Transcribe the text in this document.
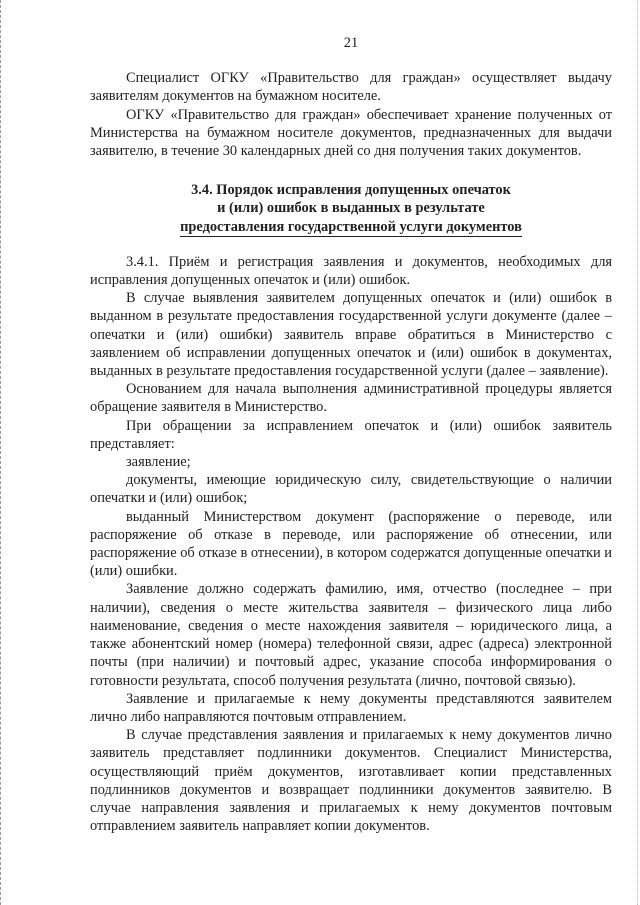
21

Специалист ОГКУ «Правительство для граждан» осуществляет выдачу заявителям документов на бумажном носителе.

ОГКУ «Правительство для граждан» обеспечивает хранение полученных от Министерства на бумажном носителе документов, предназначенных для выдачи заявителю, в течение 30 календарных дней со дня получения таких документов.

3.4. Порядок исправления допущенных опечаток
и (или) ошибок в выданных в результате
предоставления государственной услуги документов

3.4.1. Приём и регистрация заявления и документов, необходимых для исправления допущенных опечаток и (или) ошибок.

В случае выявления заявителем допущенных опечаток и (или) ошибок в выданном в результате предоставления государственной услуги документе (далее – опечатки и (или) ошибки) заявитель вправе обратиться в Министерство с заявлением об исправлении допущенных опечаток и (или) ошибок в документах, выданных в результате предоставления государственной услуги (далее – заявление).

Основанием для начала выполнения административной процедуры является обращение заявителя в Министерство.

При обращении за исправлением опечаток и (или) ошибок заявитель представляет:

заявление;

документы, имеющие юридическую силу, свидетельствующие о наличии опечатки и (или) ошибок;

выданный Министерством документ (распоряжение о переводе, или распоряжение об отказе в переводе, или распоряжение об отнесении, или распоряжение об отказе в отнесении), в котором содержатся допущенные опечатки и (или) ошибки.

Заявление должно содержать фамилию, имя, отчество (последнее – при наличии), сведения о месте жительства заявителя – физического лица либо наименование, сведения о месте нахождения заявителя – юридического лица, а также абонентский номер (номера) телефонной связи, адрес (адреса) электронной почты (при наличии) и почтовый адрес, указание способа информирования о готовности результата, способ получения результата (лично, почтовой связью).

Заявление и прилагаемые к нему документы представляются заявителем лично либо направляются почтовым отправлением.

В случае представления заявления и прилагаемых к нему документов лично заявитель представляет подлинники документов. Специалист Министерства, осуществляющий приём документов, изготавливает копии представленных подлинников документов и возвращает подлинники документов заявителю. В случае направления заявления и прилагаемых к нему документов почтовым отправлением заявитель направляет копии документов.
